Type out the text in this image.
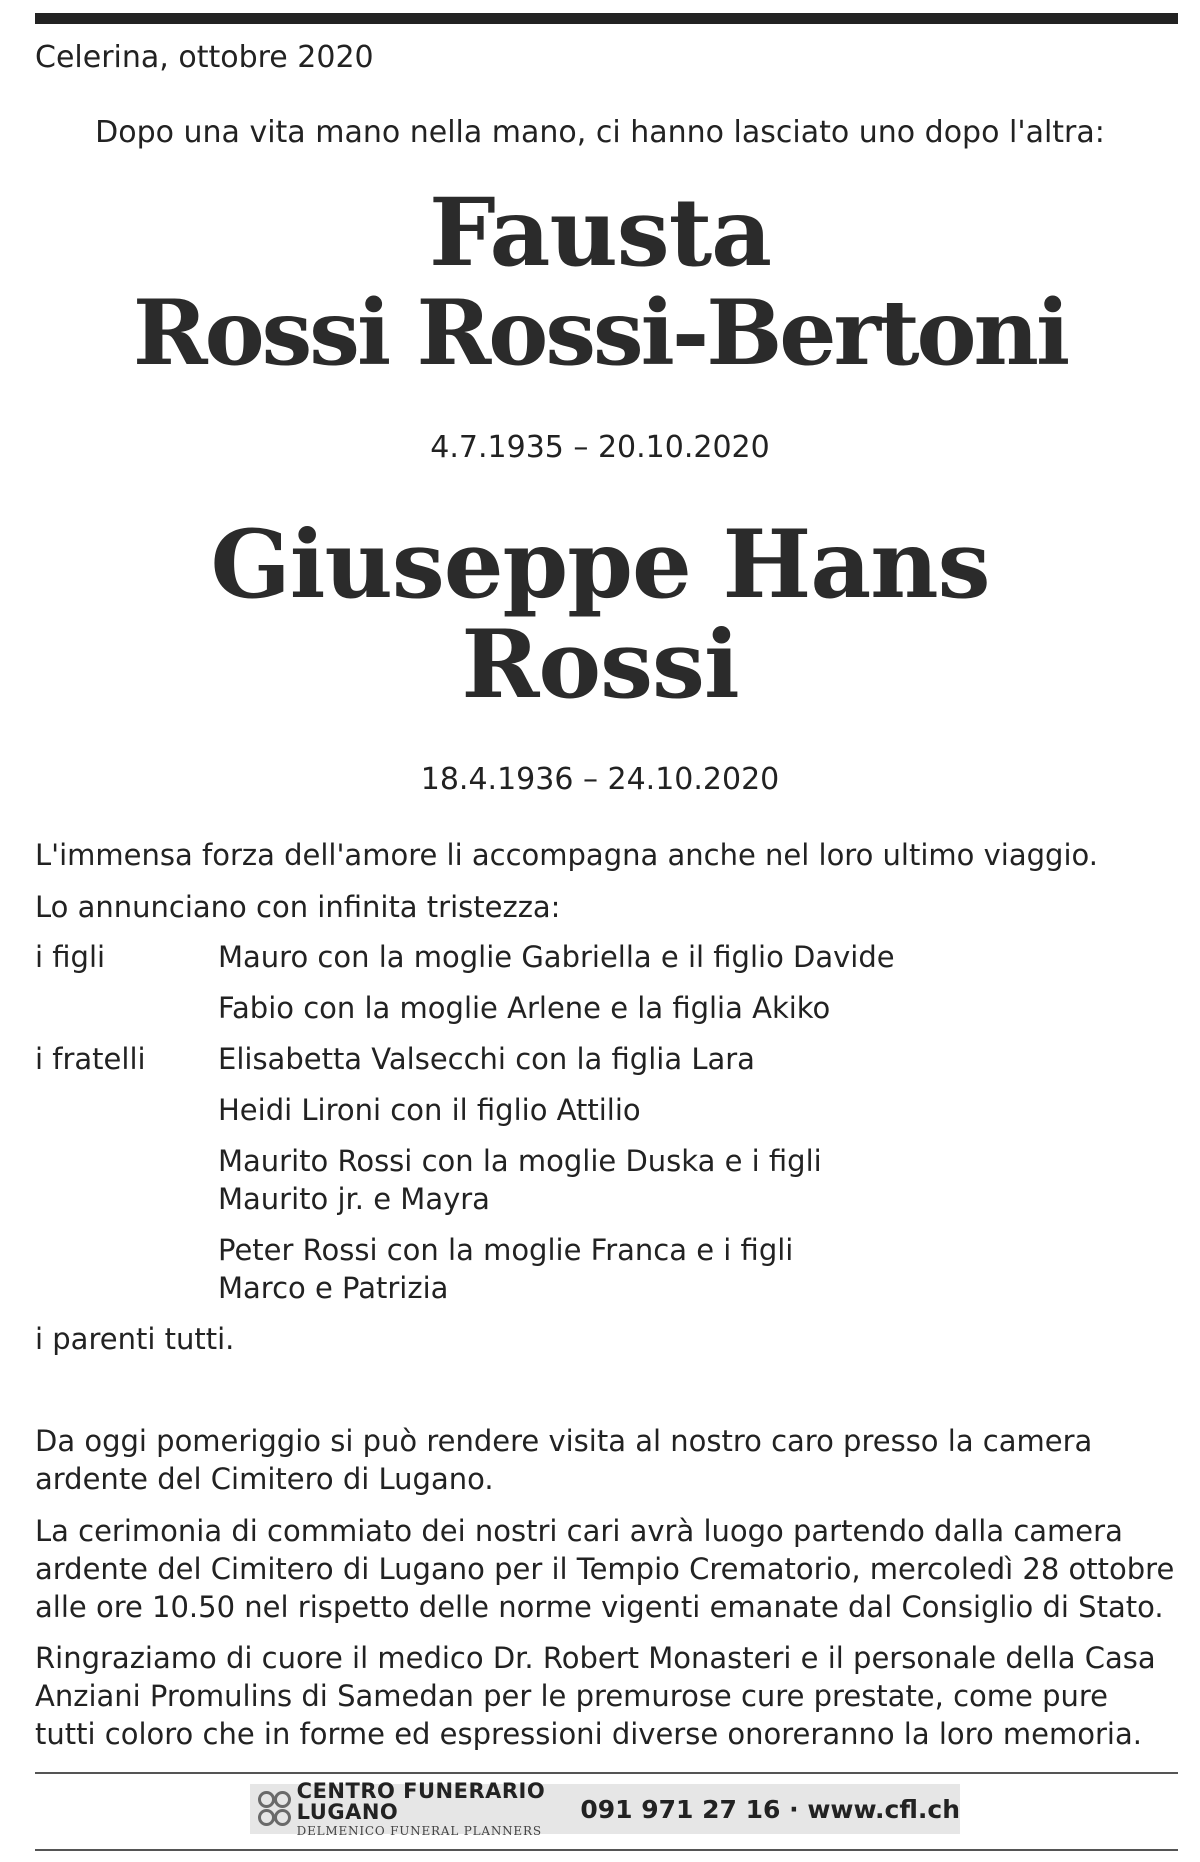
Celerina, ottobre 2020
Dopo una vita mano nella mano, ci hanno lasciato uno dopo l'altra:
Fausta
Rossi Rossi-Bertoni
4.7.1935 – 20.10.2020
Giuseppe Hans
Rossi
18.4.1936 – 24.10.2020
L'immensa forza dell'amore li accompagna anche nel loro ultimo viaggio.
Lo annunciano con infinita tristezza:
i figli	Mauro con la moglie Gabriella e il figlio Davide
Fabio con la moglie Arlene e la figlia Akiko
i fratelli Elisabetta Valsecchi con la figlia Lara
Heidi Lironi con il figlio Attilio
Maurito Rossi con la moglie Duska e i figli
Maurito jr. e Mayra
Peter Rossi con la moglie Franca e i figli
Marco e Patrizia
i parenti tutti.
Da oggi pomeriggio si può rendere visita al nostro caro presso la camera ardente del Cimitero di Lugano.
La cerimonia di commiato dei nostri cari avrà luogo partendo dalla camera ardente del Cimitero di Lugano per il Tempio Crematorio, mercoledì 28 ottobre alle ore 10.50 nel rispetto delle norme vigenti emanate dal Consiglio di Stato.
Ringraziamo di cuore il medico Dr. Robert Monasteri e il personale della Casa Anziani Promulins di Samedan per le premurose cure prestate, come pure tutti coloro che in forme ed espressioni diverse onoreranno la loro memoria.
CENTRO FUNERARIO LUGANO
DELMENICO FUNERAL PLANNERS
091 971 27 16 · www.cfl.ch
